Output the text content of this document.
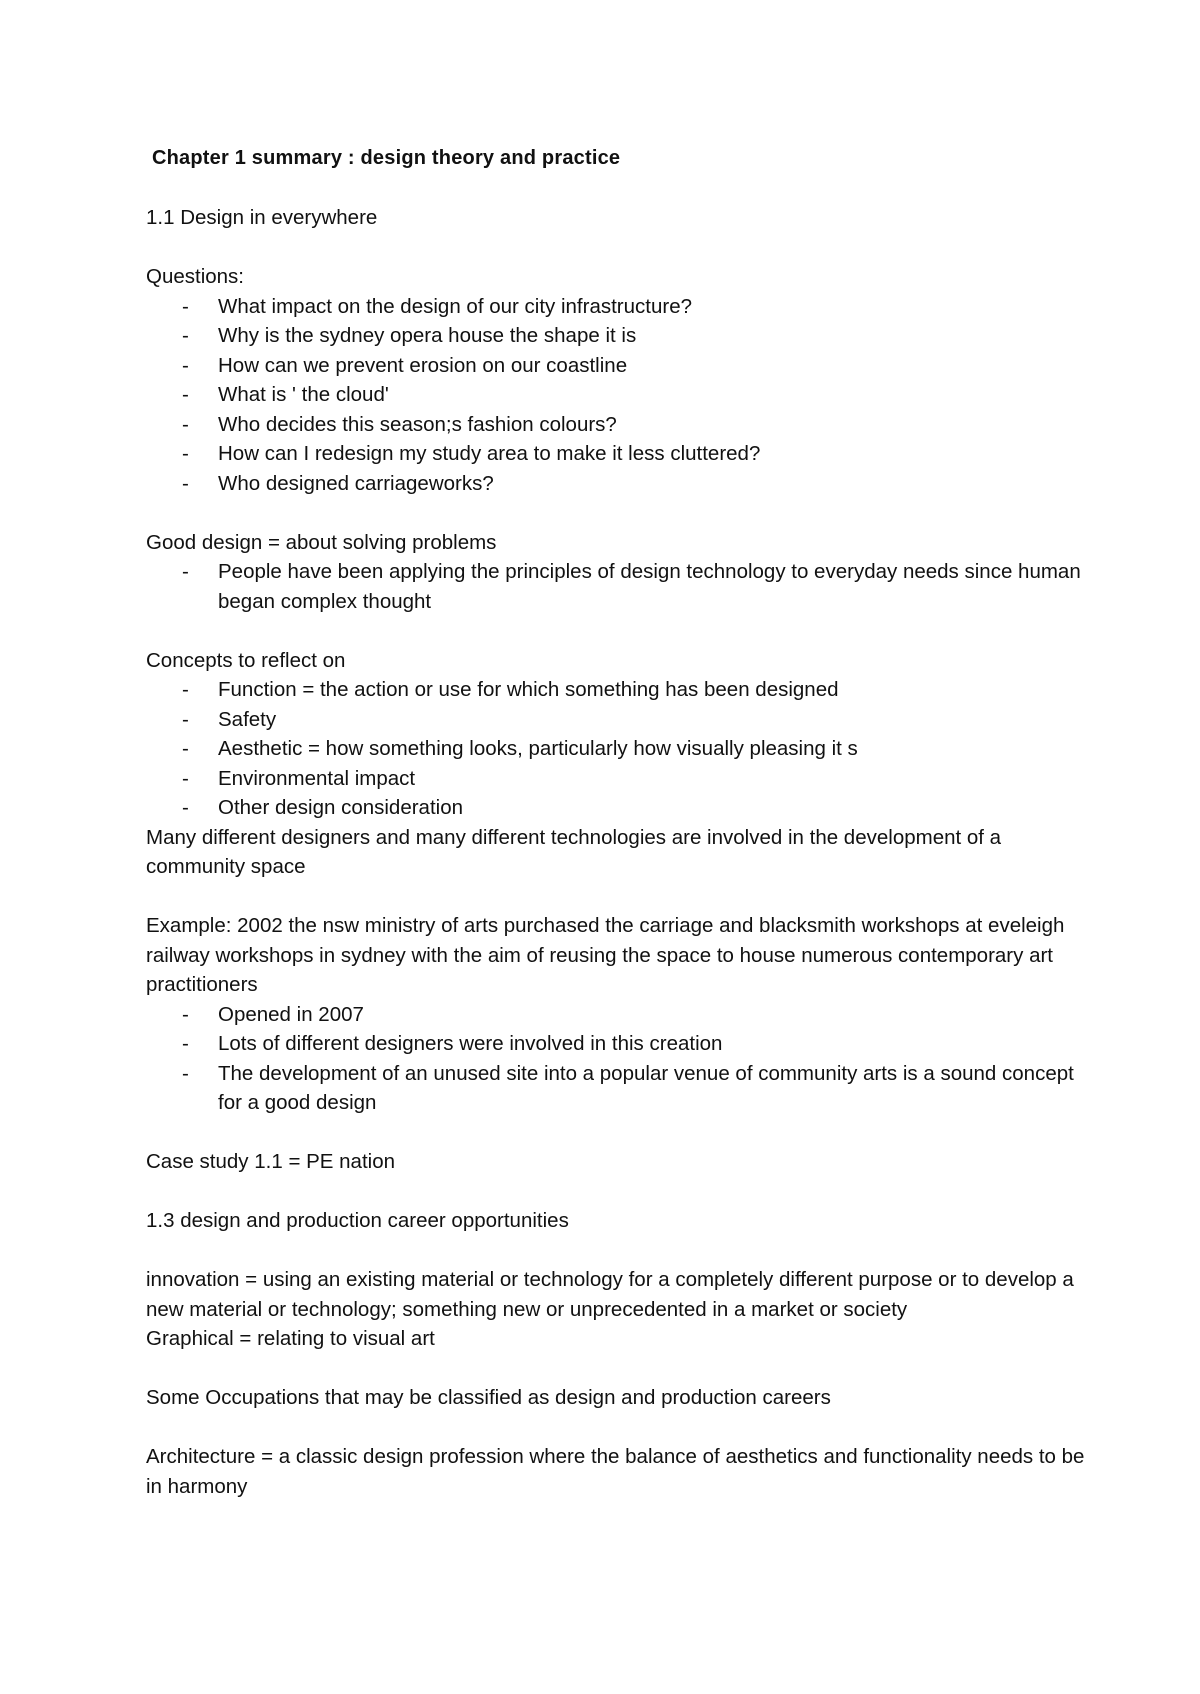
Chapter 1 summary : design theory and practice

1.1 Design in everywhere

Questions:

- What impact on the design of our city infrastructure?
- Why is the sydney opera house the shape it is
- How can we prevent erosion on our coastline
- What is ' the cloud'
- Who decides this season;s fashion colours?
- How can I redesign my study area to make it less cluttered?
- Who designed carriageworks?

Good design = about solving problems

- People have been applying the principles of design technology to everyday needs since human began complex thought

Concepts to reflect on

- Function = the action or use for which something has been designed
- Safety
- Aesthetic = how something looks, particularly how visually pleasing it s
- Environmental impact
- Other design consideration

Many different designers and many different technologies are involved in the development of a community space

Example: 2002 the nsw ministry of arts purchased the carriage and blacksmith workshops at eveleigh railway workshops in sydney with the aim of reusing the space to house numerous contemporary art practitioners

- Opened in 2007
- Lots of different designers were involved in this creation
- The development of an unused site into a popular venue of community arts is a sound concept for a good design

Case study 1.1 = PE nation

1.3 design and production career opportunities

innovation = using an existing material or technology for a completely different purpose or to develop a new material or technology; something new or unprecedented in a market or society

Graphical = relating to visual art

Some Occupations that may be classified as design and production careers

Architecture = a classic design profession where the balance of aesthetics and functionality needs to be in harmony
